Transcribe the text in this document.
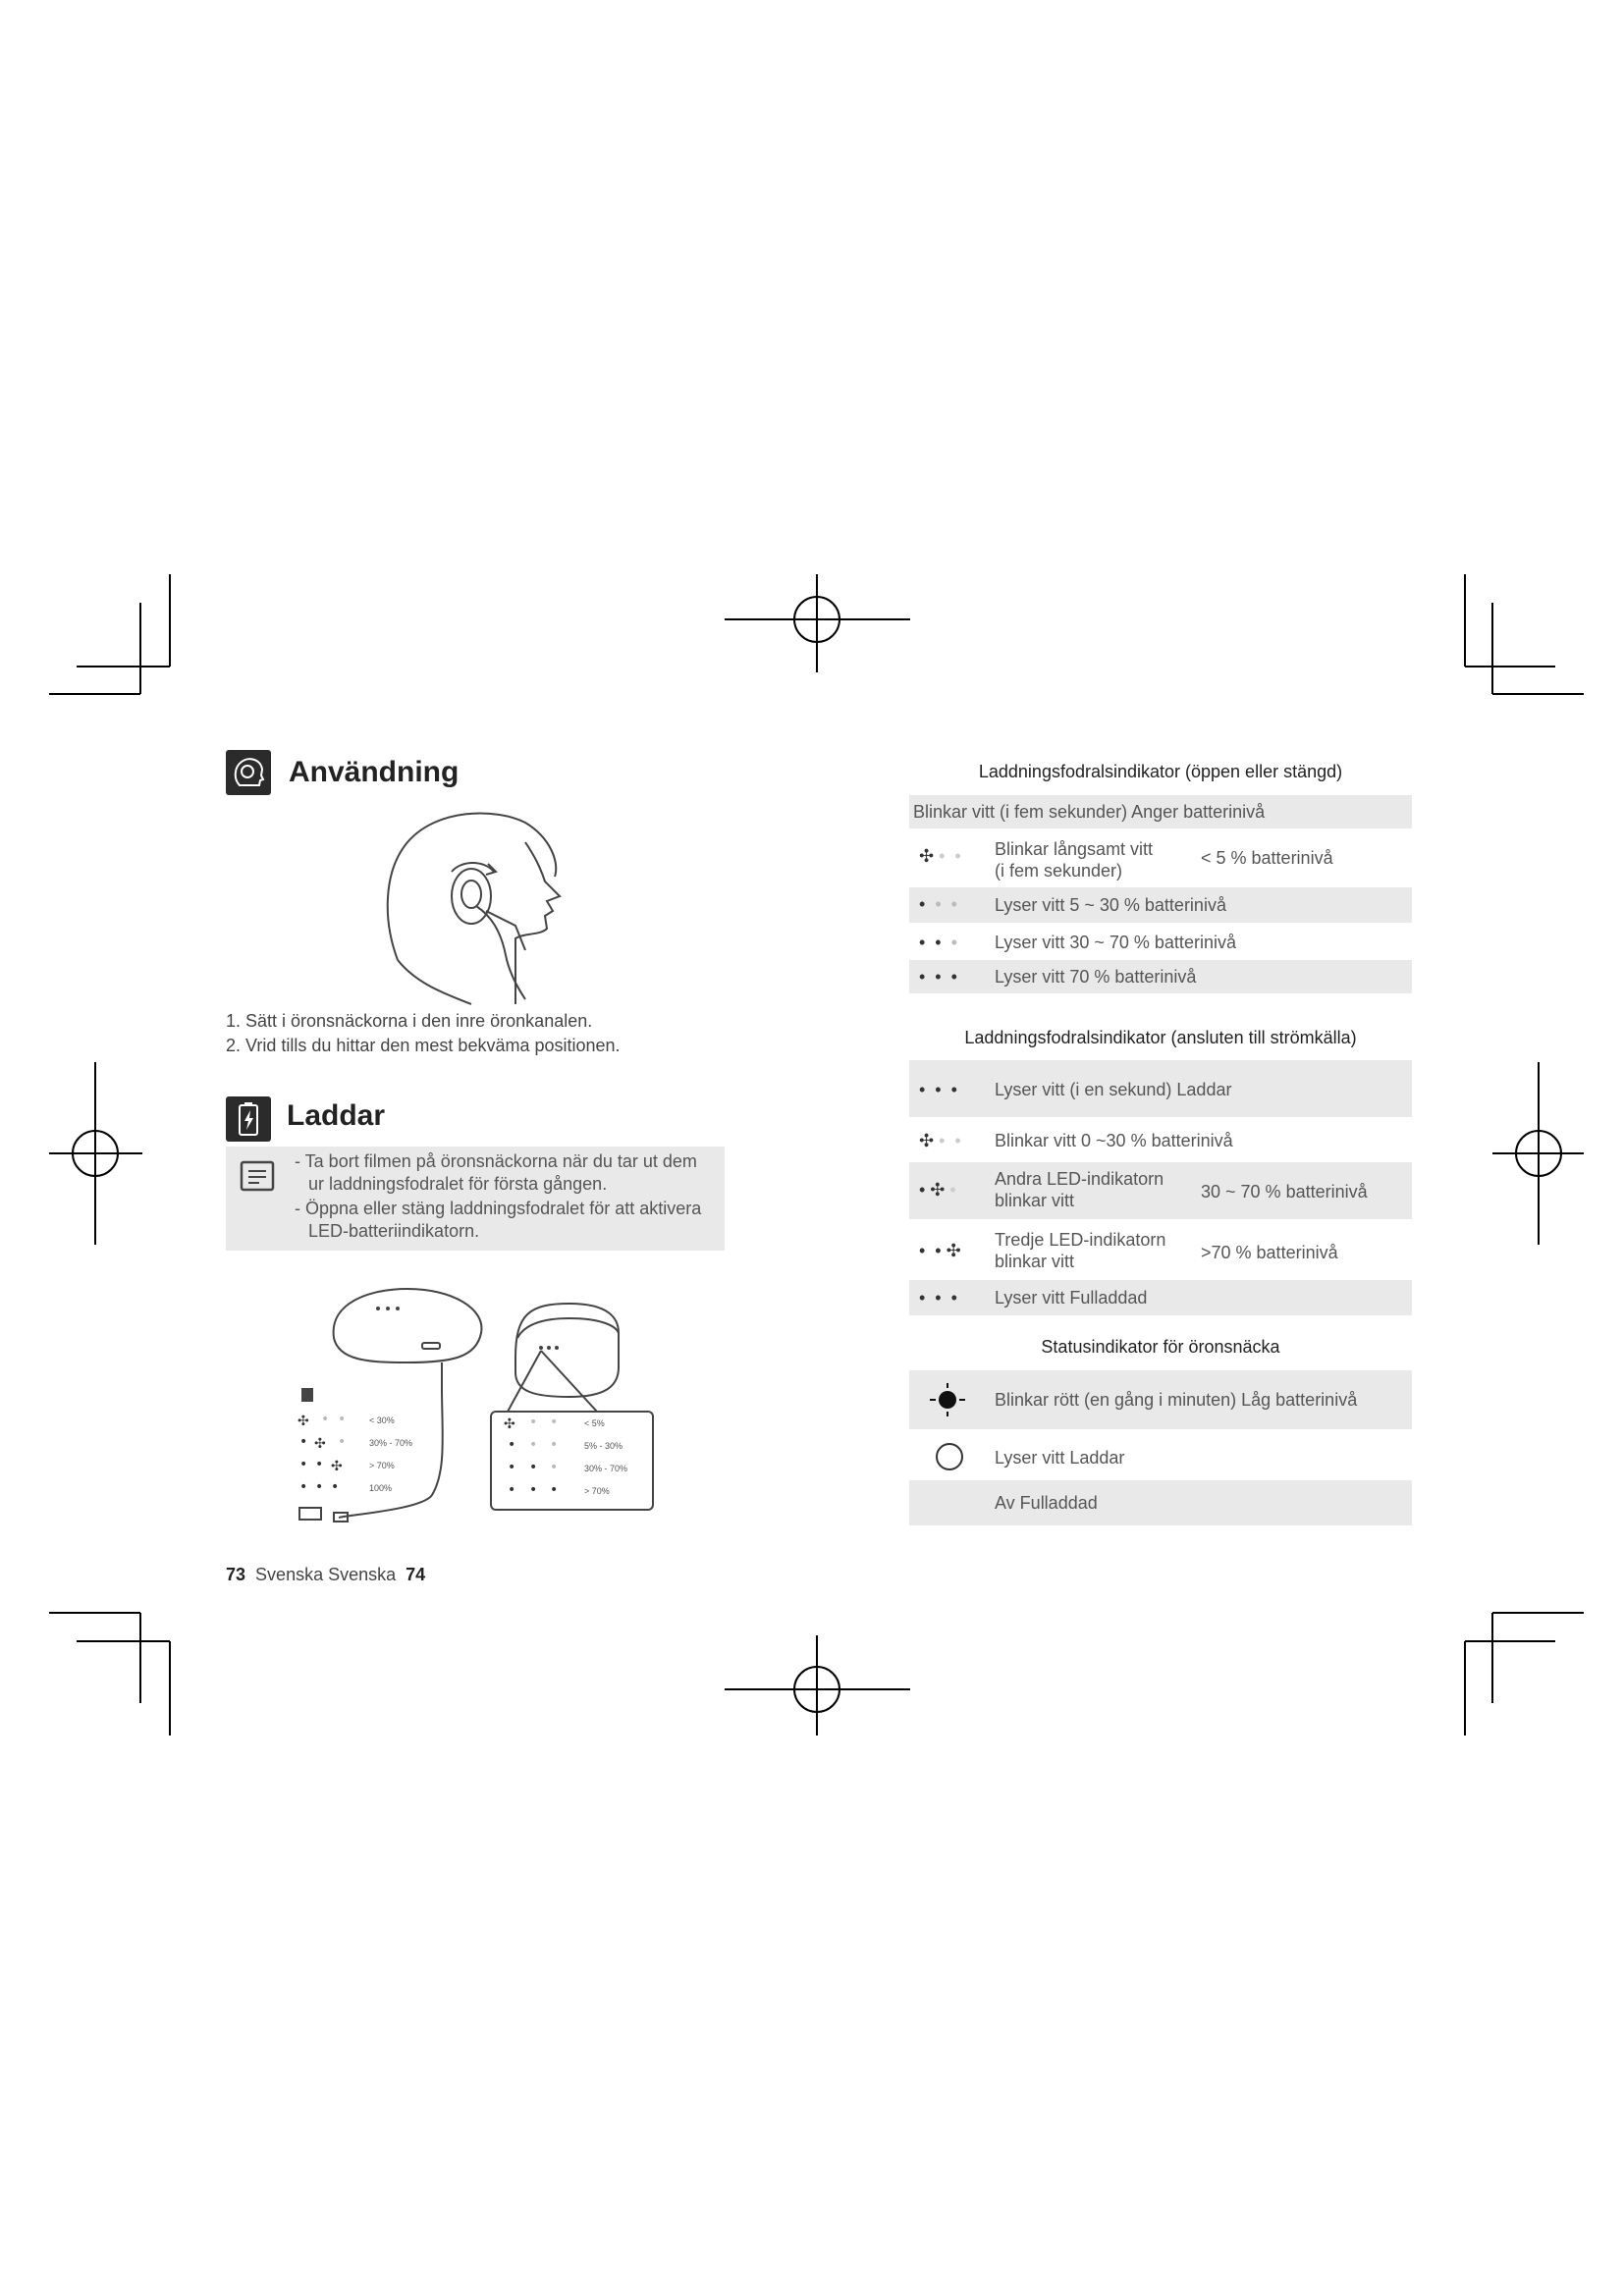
Användning
1. Sätt i öronsnäckorna i den inre öronkanalen.
2. Vrid tills du hittar den mest bekväma positionen.
Laddar
- Ta bort filmen på öronsnäckorna när du tar ut dem ur laddningsfodralet för första gången.
- Öppna eller stäng laddningsfodralet för att aktivera LED-batteriindikatorn.
< 30%
30% - 70%
> 70%
100%
< 5%
5% - 30%
30% - 70%
> 70%
✣ • •
• ✣ •
• • ✣
• • •
✣ • •
• • •
• • •
• • •
73 Svenska Svenska 74
Laddningsfodralsindikator (öppen eller stängd)
Blinkar vitt (i fem sekunder) Anger batterinivå
✣ •  • Blinkar långsamt vitt
(i fem sekunder)
< 5 % batterinivå
• •  • Lyser vitt 5 ~ 30 % batterinivå
•  • • Lyser vitt 30 ~ 70 % batterinivå
•  •  • Lyser vitt 70 % batterinivå
Laddningsfodralsindikator (ansluten till strömkälla)
•  •  • Lyser vitt (i en sekund) Laddar
✣ •  • Blinkar vitt 0 ~30 % batterinivå
• ✣ •
Andra LED-indikatorn
blinkar vitt	30 ~ 70 % batterinivå
•  • ✣
Tredje LED-indikatorn
blinkar vitt	>70 % batterinivå
•  •  • Lyser vitt Fulladdad
Statusindikator för öronsnäcka
Blinkar rött (en gång i minuten) Låg batterinivå
Lyser vitt Laddar
Av Fulladdad
